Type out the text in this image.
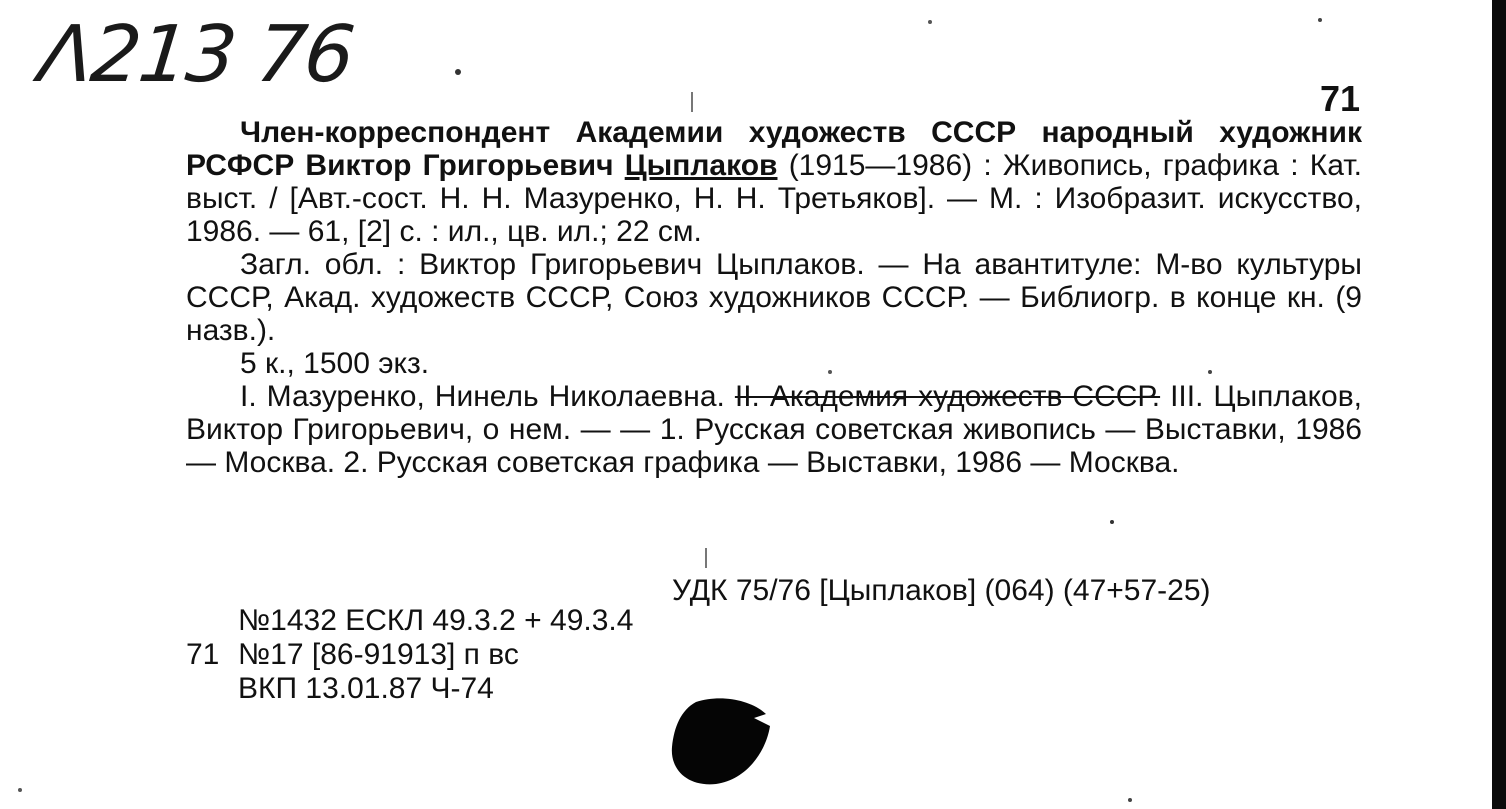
Λ213 76	71

Член-корреспондент Академии художеств СССР народный художник РСФСР Виктор Григорьевич Цыплаков (1915—1986) : Живопись, графика : Кат. выст. / [Авт.-сост. Н. Н. Мазуренко, Н. Н. Третьяков]. — М. : Изобразит. искусство, 1986. — 61, [2] с. : ил., цв. ил.; 22 см.

Загл. обл. : Виктор Григорьевич Цыплаков. — На авантитуле: М-во культуры СССР, Акад. художеств СССР, Союз художников СССР. — Библиогр. в конце кн. (9 назв.).

5 к., 1500 экз.

I. Мазуренко, Нинель Николаевна. II. Академия художеств СССР. III. Цыплаков, Виктор Григорьевич, о нем. — — 1. Русская советская живопись — Выставки, 1986 — Москва. 2. Русская советская графика — Выставки, 1986 — Москва.

УДК 75/76 [Цыплаков] (064) (47+57-25)
№1432 ЕСКЛ 49.3.2 + 49.3.4
71 №17 [86-91913] п вс
ВКП 13.01.87 Ч-74
